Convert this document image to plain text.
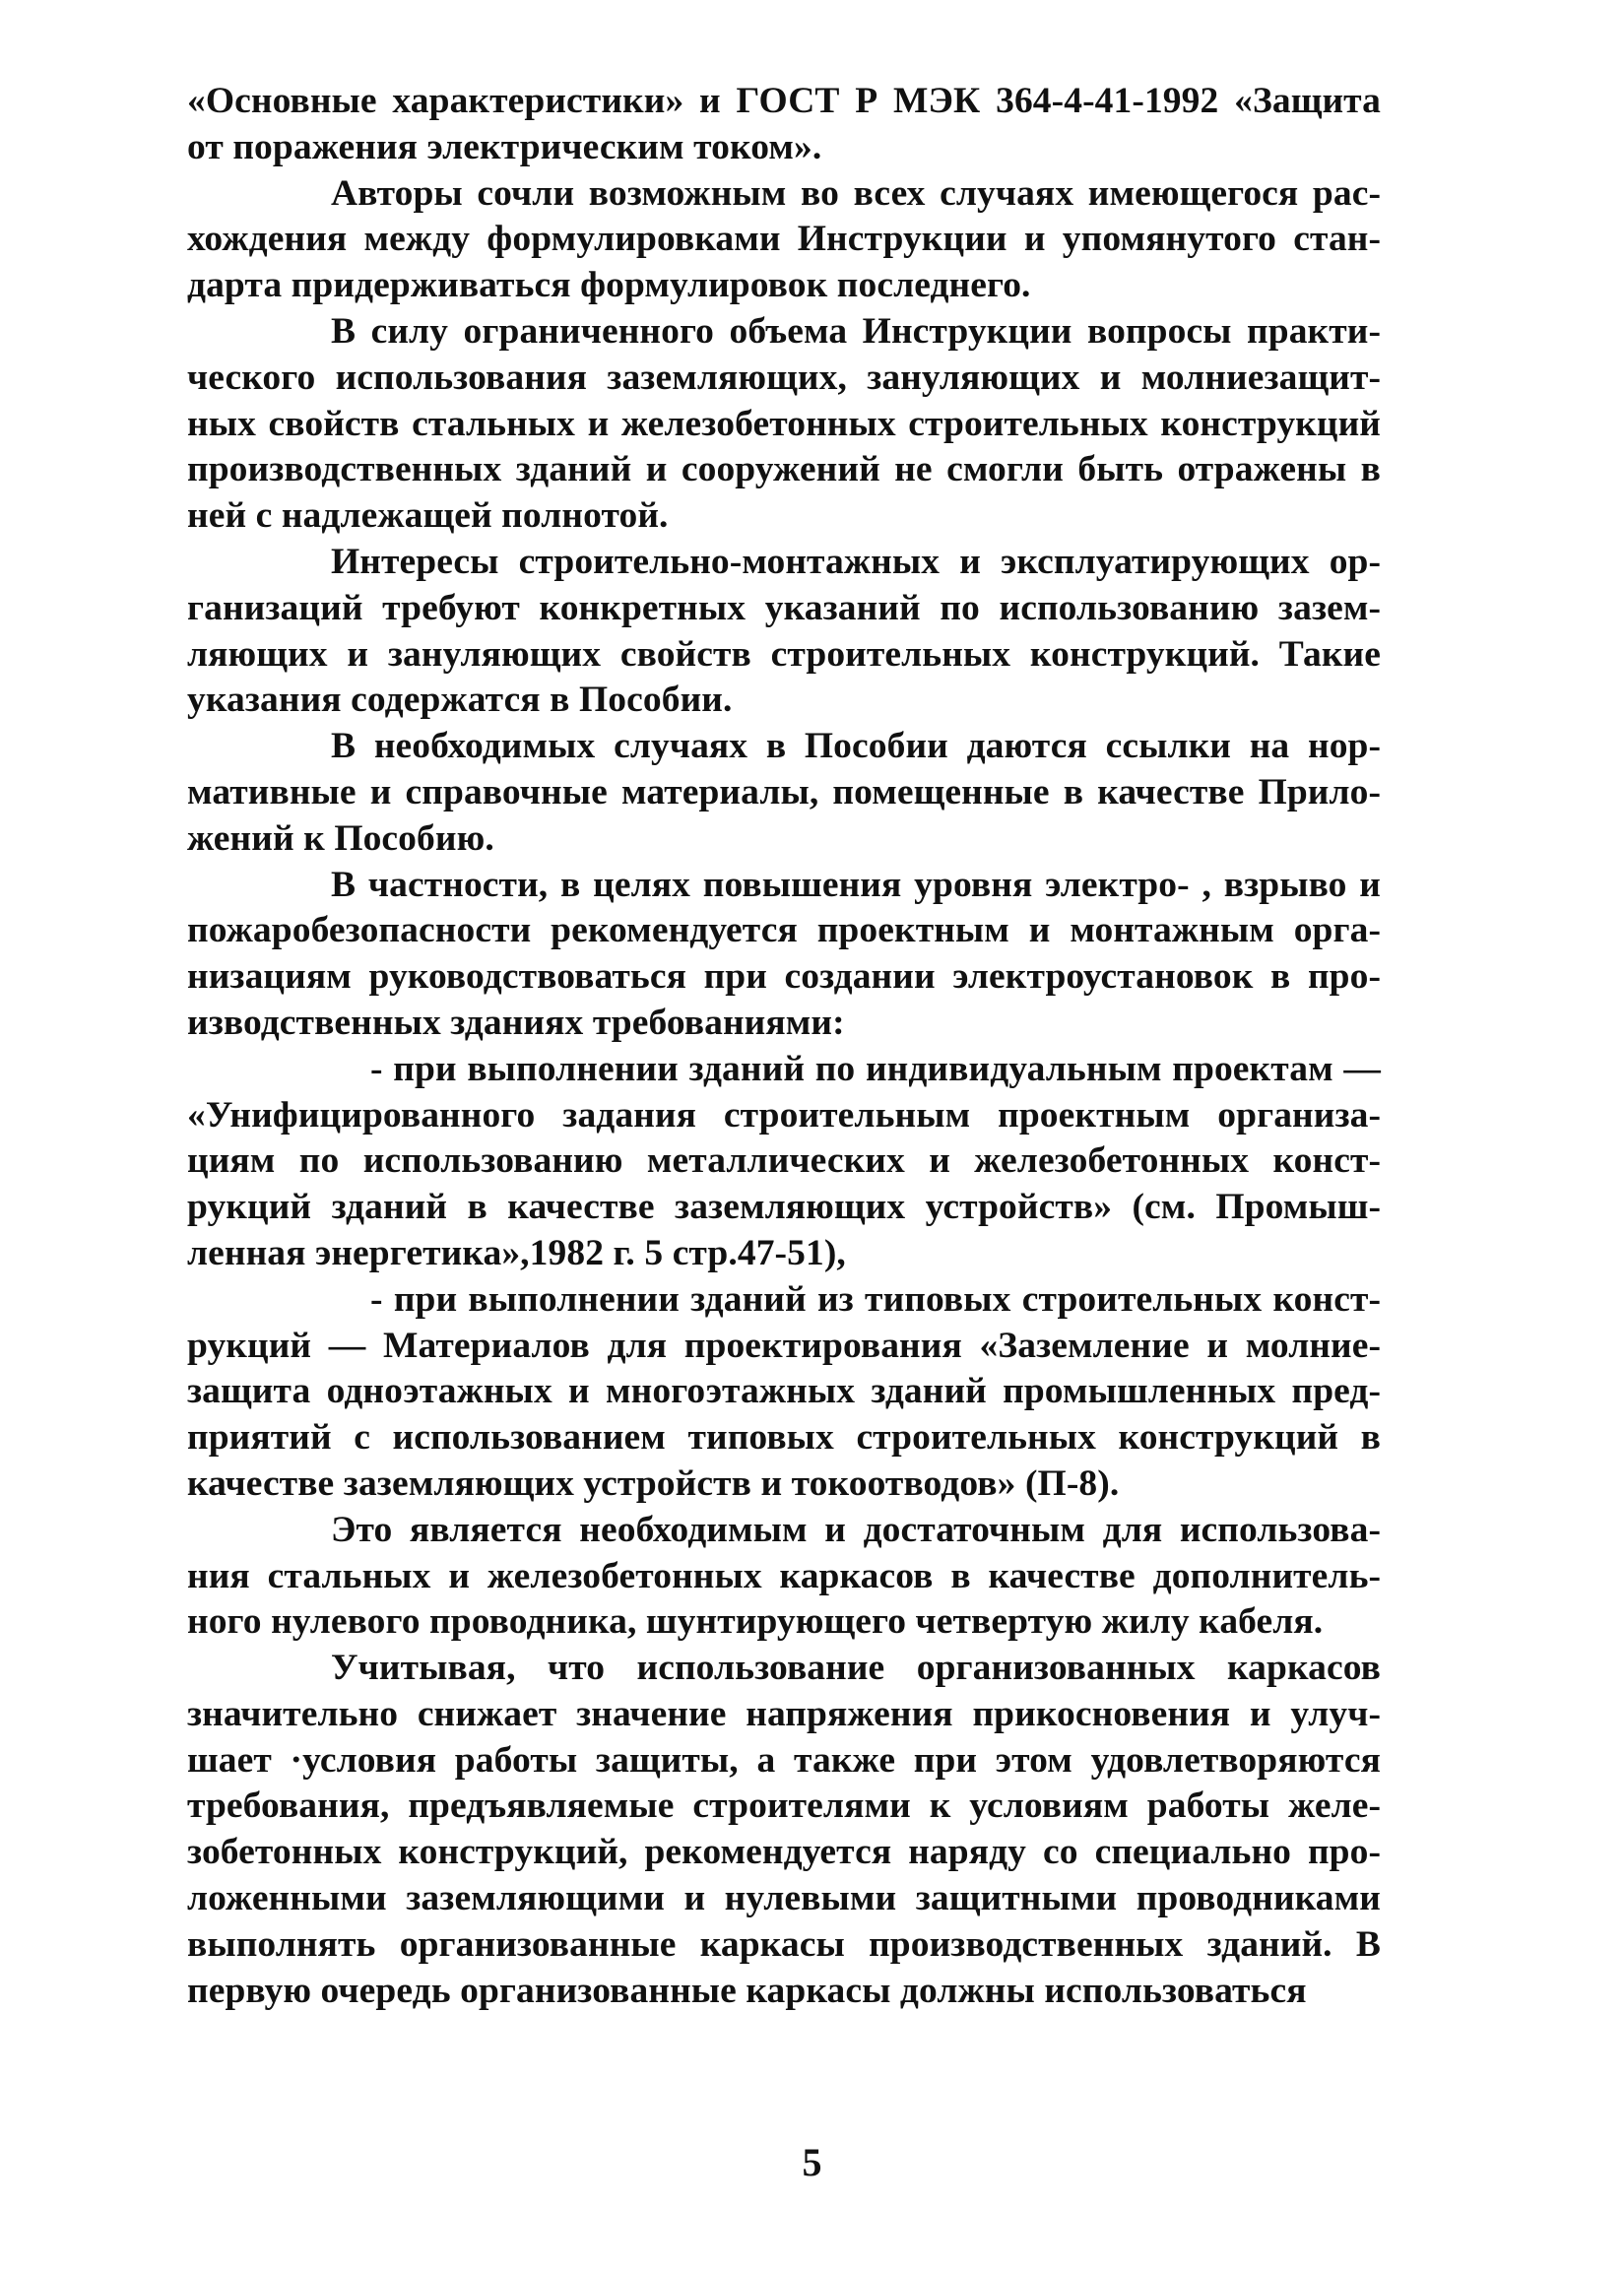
«Основные характеристики» и ГОСТ Р МЭК 364-4-41-1992 «Защита от поражения электрическим током».

Авторы сочли возможным во всех случаях имеющегося расхождения между формулировками Инструкции и упомянутого стандарта придерживаться формулировок последнего.

В силу ограниченного объема Инструкции вопросы практического использования заземляющих, зануляющих и молниезащитных свойств стальных и железобетонных строительных конструкций производственных зданий и сооружений не смогли быть отражены в ней с надлежащей полнотой.

Интересы строительно-монтажных и эксплуатирующих организаций требуют конкретных указаний по использованию заземляющих и зануляющих свойств строительных конструкций. Такие указания содержатся в Пособии.

В необходимых случаях в Пособии даются ссылки на нормативные и справочные материалы, помещенные в качестве Приложений к Пособию.

В частности, в целях повышения уровня электро- , взрыво и пожаробезопасности рекомендуется проектным и монтажным организациям руководствоваться при создании электроустановок в производственных зданиях требованиями:

- при выполнении зданий по индивидуальным проектам — «Унифицированного задания строительным проектным организациям по использованию металлических и железобетонных конструкций зданий в качестве заземляющих устройств» (см. Промышленная энергетика»,1982 г. 5 стр.47-51),

- при выполнении зданий из типовых строительных конструкций — Материалов для проектирования «Заземление и молниезащита одноэтажных и многоэтажных зданий промышленных предприятий с использованием типовых строительных конструкций в качестве заземляющих устройств и токоотводов» (П-8).

Это является необходимым и достаточным для использования стальных и железобетонных каркасов в качестве дополнительного нулевого проводника, шунтирующего четвертую жилу кабеля.

Учитывая, что использование организованных каркасов значительно снижает значение напряжения прикосновения и улучшает ·условия работы защиты, а также при этом удовлетворяются требования, предъявляемые строителями к условиям работы железобетонных конструкций, рекомендуется наряду со специально проложенными заземляющими и нулевыми защитными проводниками выполнять организованные каркасы производственных зданий. В первую очередь организованные каркасы должны использоваться

5
